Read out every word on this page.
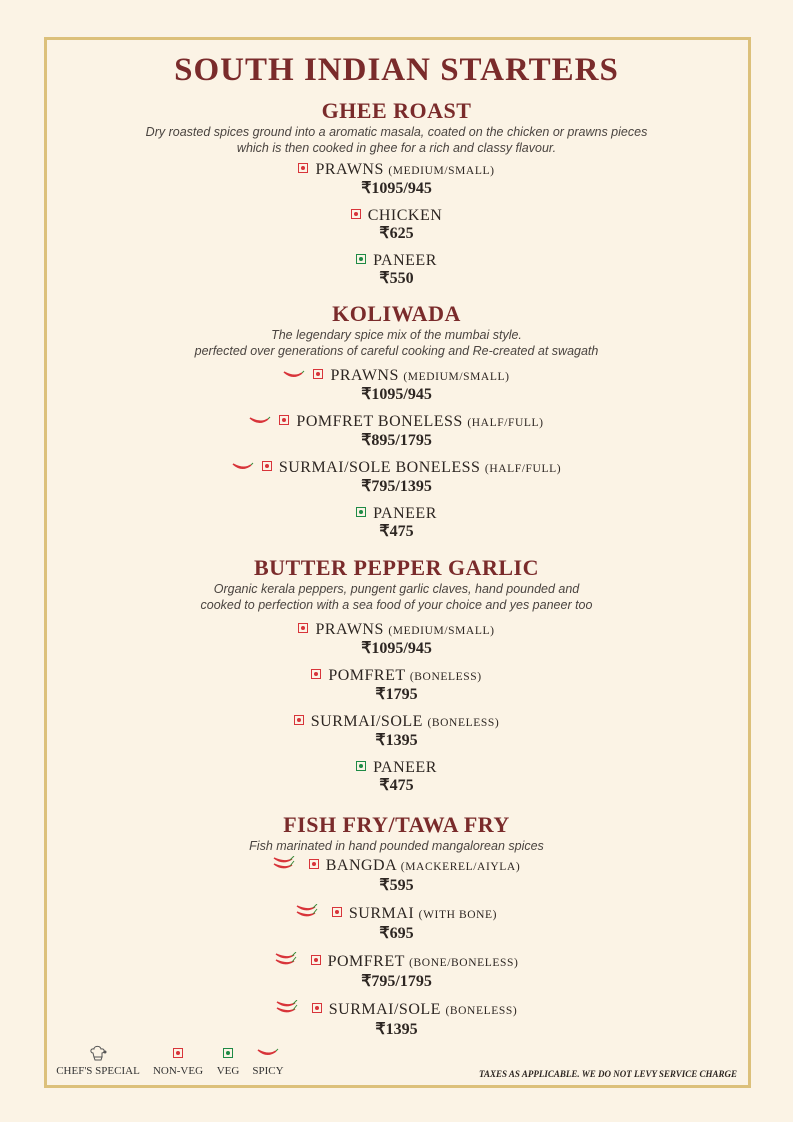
SOUTH INDIAN STARTERS
GHEE ROAST
Dry roasted spices ground into a aromatic masala, coated on the chicken or prawns pieces
which is then cooked in ghee for a rich and classy flavour.
PRAWNS (MEDIUM/SMALL)
₹1095/945
CHICKEN
₹625
PANEER
₹550
KOLIWADA
The legendary spice mix of the mumbai style.
perfected over generations of careful cooking and Re-created at swagath
PRAWNS (MEDIUM/SMALL)
₹1095/945
POMFRET BONELESS (HALF/FULL)
₹895/1795
SURMAI/SOLE BONELESS (HALF/FULL)
₹795/1395
PANEER
₹475
BUTTER PEPPER GARLIC
Organic kerala peppers, pungent garlic claves, hand pounded and
cooked to perfection with a sea food of your choice and yes paneer too
PRAWNS (MEDIUM/SMALL)
₹1095/945
POMFRET (BONELESS)
₹1795
SURMAI/SOLE (BONELESS)
₹1395
PANEER
₹475
FISH FRY/TAWA FRY
Fish marinated in hand pounded mangalorean spices
BANGDA (MACKEREL/AIYLA)
₹595
SURMAI (WITH BONE)
₹695
POMFRET (BONE/BONELESS)
₹795/1795
SURMAI/SOLE (BONELESS)
₹1395
CHEF'S SPECIAL NON-VEG VEG SPICY	TAXES AS APPLICABLE. WE DO NOT LEVY SERVICE CHARGE
